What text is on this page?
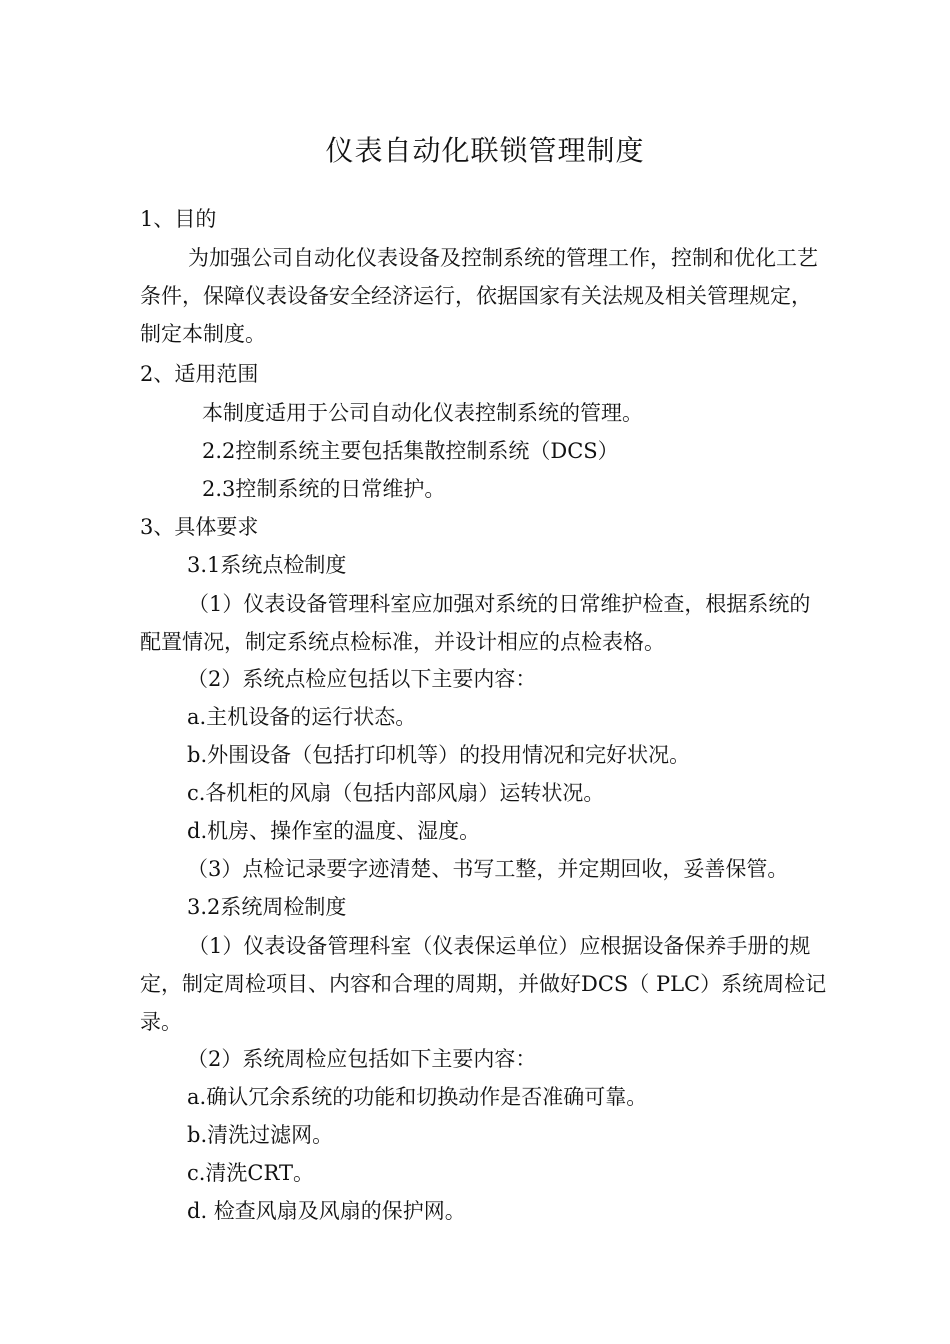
仪表自动化联锁管理制度
1、目的
为加强公司自动化仪表设备及控制系统的管理工作，控制和优化工艺条件，保障仪表设备安全经济运行，依据国家有关法规及相关管理规定，制定本制度。
2、适用范围
本制度适用于公司自动化仪表控制系统的管理。
2.2控制系统主要包括集散控制系统（DCS）
2.3控制系统的日常维护。
3、具体要求
3.1系统点检制度
（1）仪表设备管理科室应加强对系统的日常维护检查，根据系统的配置情况，制定系统点检标准，并设计相应的点检表格。
（2）系统点检应包括以下主要内容：
a.主机设备的运行状态。
b.外围设备（包括打印机等）的投用情况和完好状况。
c.各机柜的风扇（包括内部风扇）运转状况。
d.机房、操作室的温度、湿度。
（3）点检记录要字迹清楚、书写工整，并定期回收，妥善保管。
3.2系统周检制度
（1）仪表设备管理科室（仪表保运单位）应根据设备保养手册的规定，制定周检项目、内容和合理的周期，并做好DCS（ PLC）系统周检记录。
（2）系统周检应包括如下主要内容：
a.确认冗余系统的功能和切换动作是否准确可靠。
b.清洗过滤网。
c.清洗CRT。
d. 检查风扇及风扇的保护网。
